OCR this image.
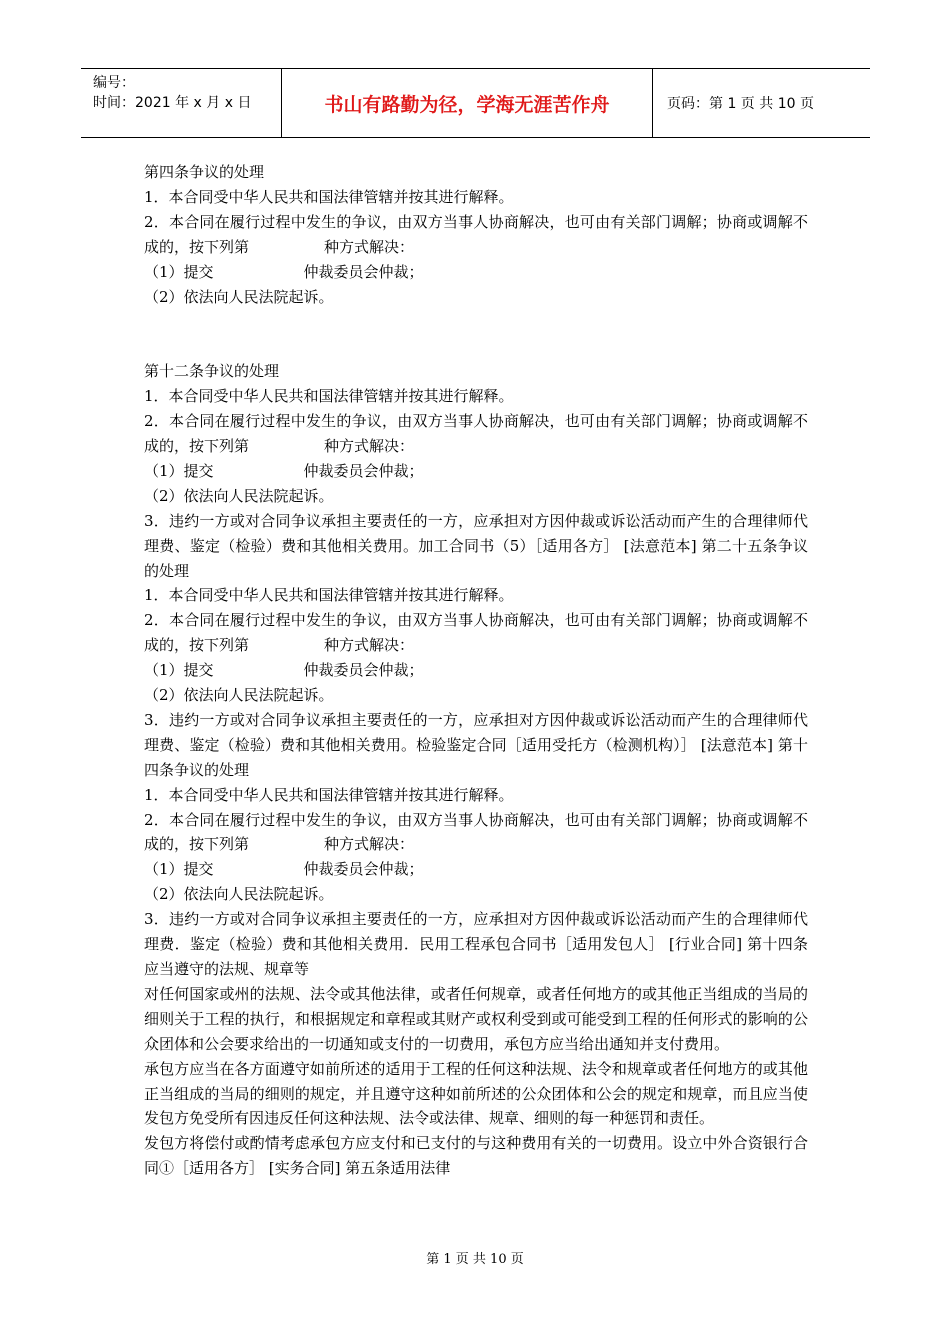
编号：
时间：2021 年 x 月 x 日	书山有路勤为径，学海无涯苦作舟	页码：第 1 页 共 10 页

第四条争议的处理

1．本合同受中华人民共和国法律管辖并按其进行解释。

2．本合同在履行过程中发生的争议，由双方当事人协商解决，也可由有关部门调解；协商或调解不成的，按下列第　　　　　种方式解决：

（1）提交　　　　　　仲裁委员会仲裁；

（2）依法向人民法院起诉。

第十二条争议的处理

1．本合同受中华人民共和国法律管辖并按其进行解释。

2．本合同在履行过程中发生的争议，由双方当事人协商解决，也可由有关部门调解；协商或调解不成的，按下列第　　　　　种方式解决：

（1）提交　　　　　　仲裁委员会仲裁；

（2）依法向人民法院起诉。

3．违约一方或对合同争议承担主要责任的一方，应承担对方因仲裁或诉讼活动而产生的合理律师代理费、鉴定（检验）费和其他相关费用。加工合同书（5）［适用各方］ [法意范本] 第二十五条争议的处理

1．本合同受中华人民共和国法律管辖并按其进行解释。

2．本合同在履行过程中发生的争议，由双方当事人协商解决，也可由有关部门调解；协商或调解不成的，按下列第　　　　　种方式解决：

（1）提交　　　　　　仲裁委员会仲裁；

（2）依法向人民法院起诉。

3．违约一方或对合同争议承担主要责任的一方，应承担对方因仲裁或诉讼活动而产生的合理律师代理费、鉴定（检验）费和其他相关费用。检验鉴定合同［适用受托方（检测机构）］ [法意范本] 第十四条争议的处理

1．本合同受中华人民共和国法律管辖并按其进行解释。

2．本合同在履行过程中发生的争议，由双方当事人协商解决，也可由有关部门调解；协商或调解不成的，按下列第　　　　　种方式解决：

（1）提交　　　　　　仲裁委员会仲裁；

（2）依法向人民法院起诉。

3．违约一方或对合同争议承担主要责任的一方，应承担对方因仲裁或诉讼活动而产生的合理律师代理费．鉴定（检验）费和其他相关费用．民用工程承包合同书［适用发包人］ [行业合同] 第十四条应当遵守的法规、规章等

对任何国家或州的法规、法令或其他法律，或者任何规章，或者任何地方的或其他正当组成的当局的细则关于工程的执行，和根据规定和章程或其财产或权利受到或可能受到工程的任何形式的影响的公众团体和公会要求给出的一切通知或支付的一切费用，承包方应当给出通知并支付费用。

承包方应当在各方面遵守如前所述的适用于工程的任何这种法规、法令和规章或者任何地方的或其他正当组成的当局的细则的规定，并且遵守这种如前所述的公众团体和公会的规定和规章，而且应当使发包方免受所有因违反任何这种法规、法令或法律、规章、细则的每一种惩罚和责任。

发包方将偿付或酌情考虑承包方应支付和已支付的与这种费用有关的一切费用。设立中外合资银行合同①［适用各方］ [实务合同] 第五条适用法律

第 1 页 共 10 页
